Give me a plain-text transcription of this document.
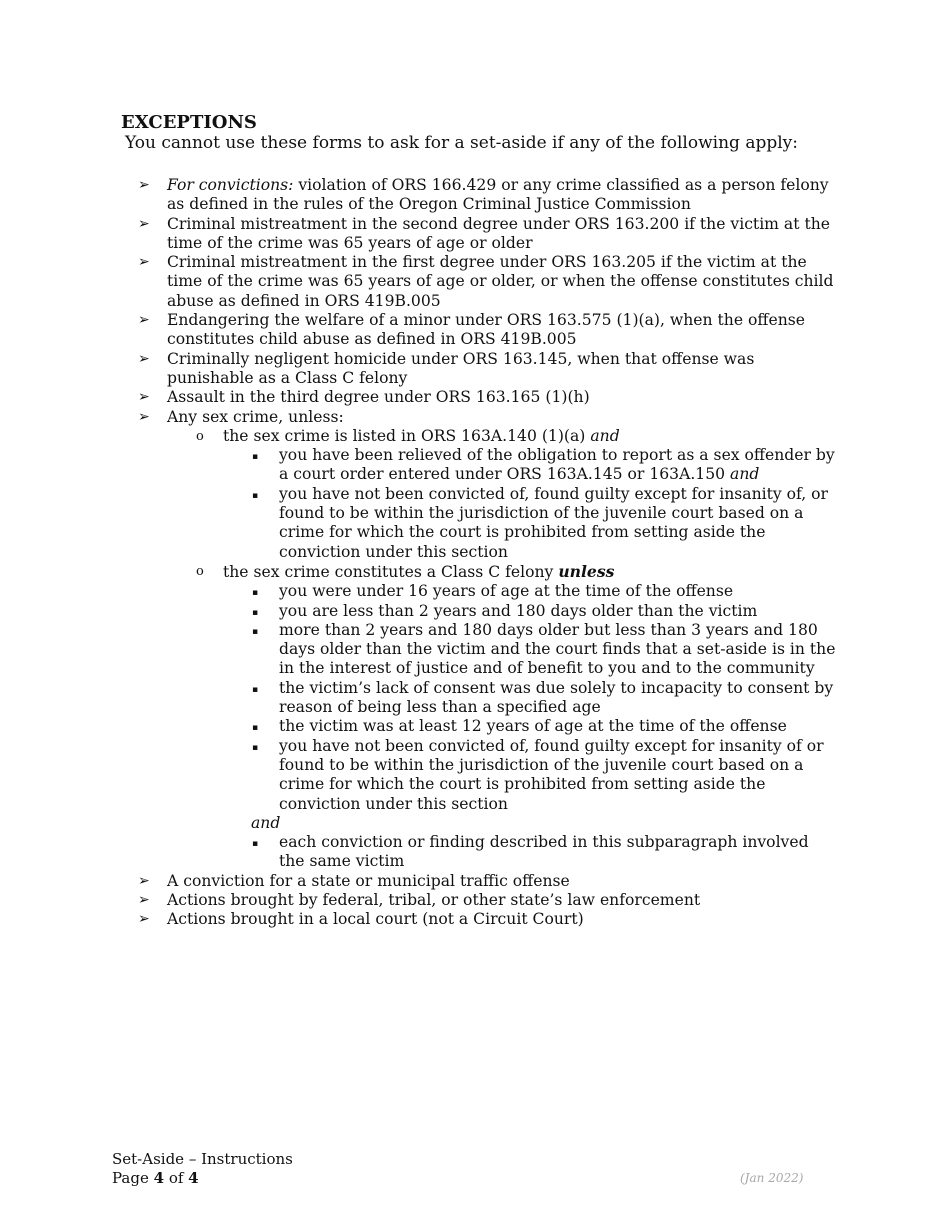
EXCEPTIONS
You cannot use these forms to ask for a set-aside if any of the following apply:
➢ For convictions: violation of ORS 166.429 or any crime classified as a person felony as defined in the rules of the Oregon Criminal Justice Commission
➢ Criminal mistreatment in the second degree under ORS 163.200 if the victim at the time of the crime was 65 years of age or older
➢ Criminal mistreatment in the first degree under ORS 163.205 if the victim at the time of the crime was 65 years of age or older, or when the offense constitutes child abuse as defined in ORS 419B.005
➢ Endangering the welfare of a minor under ORS 163.575 (1)(a), when the offense constitutes child abuse as defined in ORS 419B.005
➢ Criminally negligent homicide under ORS 163.145, when that offense was punishable as a Class C felony
➢ Assault in the third degree under ORS 163.165 (1)(h)
➢ Any sex crime, unless:
o the sex crime is listed in ORS 163A.140 (1)(a) and
▪ you have been relieved of the obligation to report as a sex offender by a court order entered under ORS 163A.145 or 163A.150 and
▪ you have not been convicted of, found guilty except for insanity of, or found to be within the jurisdiction of the juvenile court based on a crime for which the court is prohibited from setting aside the conviction under this section
o the sex crime constitutes a Class C felony unless
▪ you were under 16 years of age at the time of the offense
▪ you are less than 2 years and 180 days older than the victim
▪ more than 2 years and 180 days older but less than 3 years and 180 days older than the victim and the court finds that a set-aside is in the in the interest of justice and of benefit to you and to the community
▪ the victim’s lack of consent was due solely to incapacity to consent by reason of being less than a specified age
▪ the victim was at least 12 years of age at the time of the offense
▪ you have not been convicted of, found guilty except for insanity of or found to be within the jurisdiction of the juvenile court based on a crime for which the court is prohibited from setting aside the conviction under this section
and
▪ each conviction or finding described in this subparagraph involved the same victim
➢ A conviction for a state or municipal traffic offense
➢ Actions brought by federal, tribal, or other state’s law enforcement
➢ Actions brought in a local court (not a Circuit Court)
Set-Aside – Instructions
Page 4 of 4	(Jan 2022)
